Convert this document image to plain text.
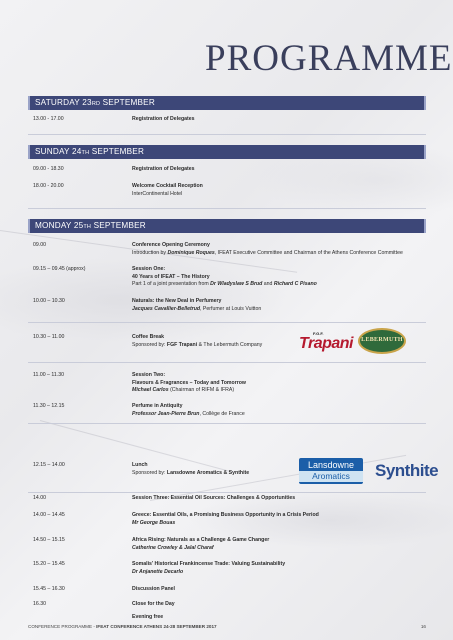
PROGRAMME
SATURDAY 23RD SEPTEMBER
13.00 - 17.00	Registration of Delegates
SUNDAY 24TH SEPTEMBER
09.00 - 18.30	Registration of Delegates
18.00 - 20.00	Welcome Cocktail Reception
InterContinental Hotel
MONDAY 25TH SEPTEMBER
09.00	Conference Opening Ceremony
Introduction by Dominique Roques, IFEAT Executive Committee and Chairman of the Athens Conference Committee
09.15 – 09.45 (approx)	Session One:
40 Years of IFEAT – The History
Part 1 of a joint presentation from Dr Wladyslaw S Brud and Richard C Pisano
10.00 – 10.30	Naturals: the New Deal in Perfumery
Jacques Cavallier-Belletrud, Perfumer at Louis Vuitton
10.30 – 11.00	Coffee Break
Sponsored by: FGF Trapani & The Lebermuth Company
F.G.F.
Trapani	LEBERMUTH
11.00 – 11.30	Session Two:
Flavours & Fragrances – Today and Tomorrow
Michael Carlos (Chairman of RIFM & IFRA)
11.30 – 12.15	Perfume in Antiquity
Professor Jean-Pierre Brun, Collège de France
12.15 – 14.00	Lunch
Sponsored by: Lansdowne Aromatics & Synthite
Lansdowne
Aromatics	Synthite
14.00	Session Three: Essential Oil Sources: Challenges & Opportunities
14.00 – 14.45	Greece: Essential Oils, a Promising Business Opportunity in a Crisis Period
Mr George Bouas
14.50 – 15.15	Africa Rising: Naturals as a Challenge & Game Changer
Catherine Crowley & Jalal Charaf
15.20 – 15.45	Somalis’ Historical Frankincense Trade: Valuing Sustainability
Dr Anjanette Decarlo
15.45 – 16.30	Discussion Panel
16.30	Close for the Day
Evening free
CONFERENCE PROGRAMME - IFEAT CONFERENCE ATHENS 24-28 SEPTEMBER 2017	16
